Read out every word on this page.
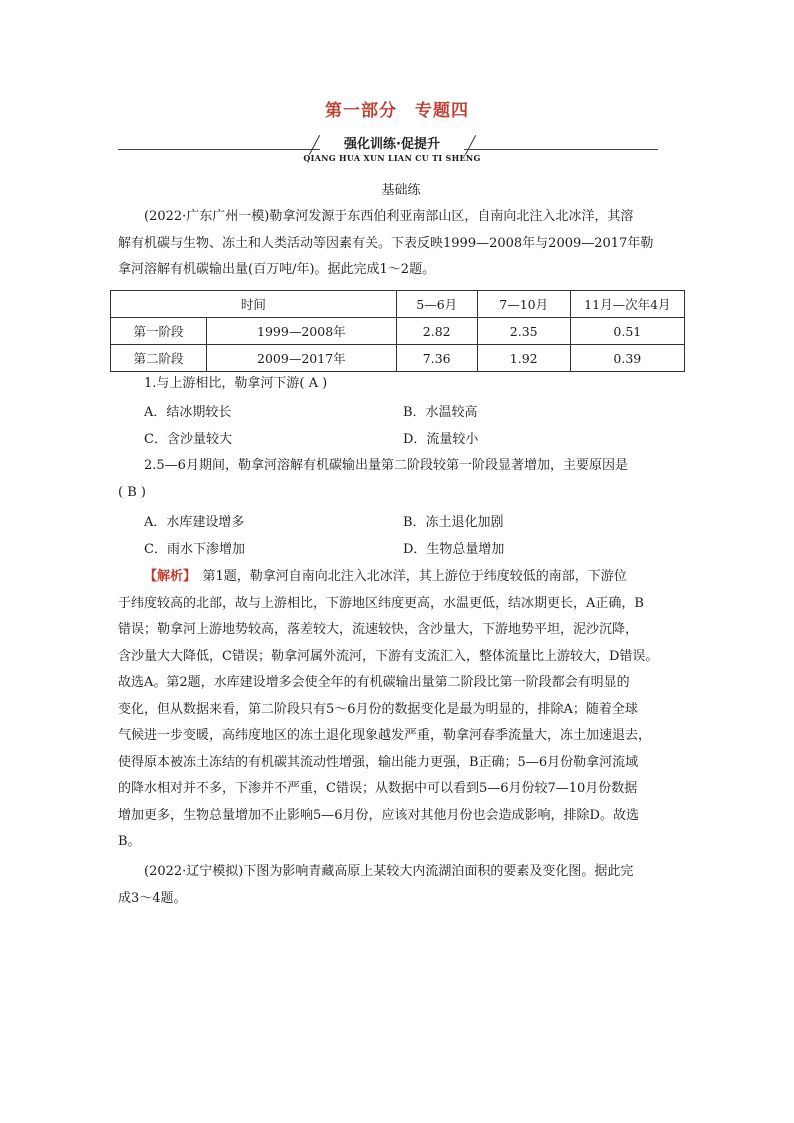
第一部分　专题四
强化训练·促提升
QIANG HUA XUN LIAN CU TI SHENG
基础练
(2022·广东广州一模)勒拿河发源于东西伯利亚南部山区，自南向北注入北冰洋，其溶
解有机碳与生物、冻土和人类活动等因素有关。下表反映1999—2008年与2009—2017年勒
拿河溶解有机碳输出量(百万吨/年)。据此完成1～2题。
时间		5—6月	7—10月	11月—次年4月
第一阶段	1999—2008年	2.82	2.35	0.51
第二阶段	2009—2017年	7.36	1.92	0.39
1.与上游相比，勒拿河下游( A )
A．结冰期较长	B．水温较高
C．含沙量较大	D．流量较小
2.5—6月期间，勒拿河溶解有机碳输出量第二阶段较第一阶段显著增加，主要原因是
( B )
A．水库建设增多	B．冻土退化加剧
C．雨水下渗增加	D．生物总量增加
【解析】　第1题，勒拿河自南向北注入北冰洋，其上游位于纬度较低的南部，下游位
于纬度较高的北部，故与上游相比，下游地区纬度更高，水温更低，结冰期更长，A正确，B
错误；勒拿河上游地势较高，落差较大，流速较快，含沙量大，下游地势平坦，泥沙沉降，
含沙量大大降低，C错误；勒拿河属外流河，下游有支流汇入，整体流量比上游较大，D错误。
故选A。第2题，水库建设增多会使全年的有机碳输出量第二阶段比第一阶段都会有明显的
变化，但从数据来看，第二阶段只有5～6月份的数据变化是最为明显的，排除A；随着全球
气候进一步变暖，高纬度地区的冻土退化现象越发严重，勒拿河春季流量大，冻土加速退去，
使得原本被冻土冻结的有机碳其流动性增强，输出能力更强，B正确；5—6月份勒拿河流域
的降水相对并不多，下渗并不严重，C错误；从数据中可以看到5—6月份较7—10月份数据
增加更多，生物总量增加不止影响5—6月份，应该对其他月份也会造成影响，排除D。故选
B。
(2022·辽宁模拟)下图为影响青藏高原上某较大内流湖泊面积的要素及变化图。据此完
成3～4题。
